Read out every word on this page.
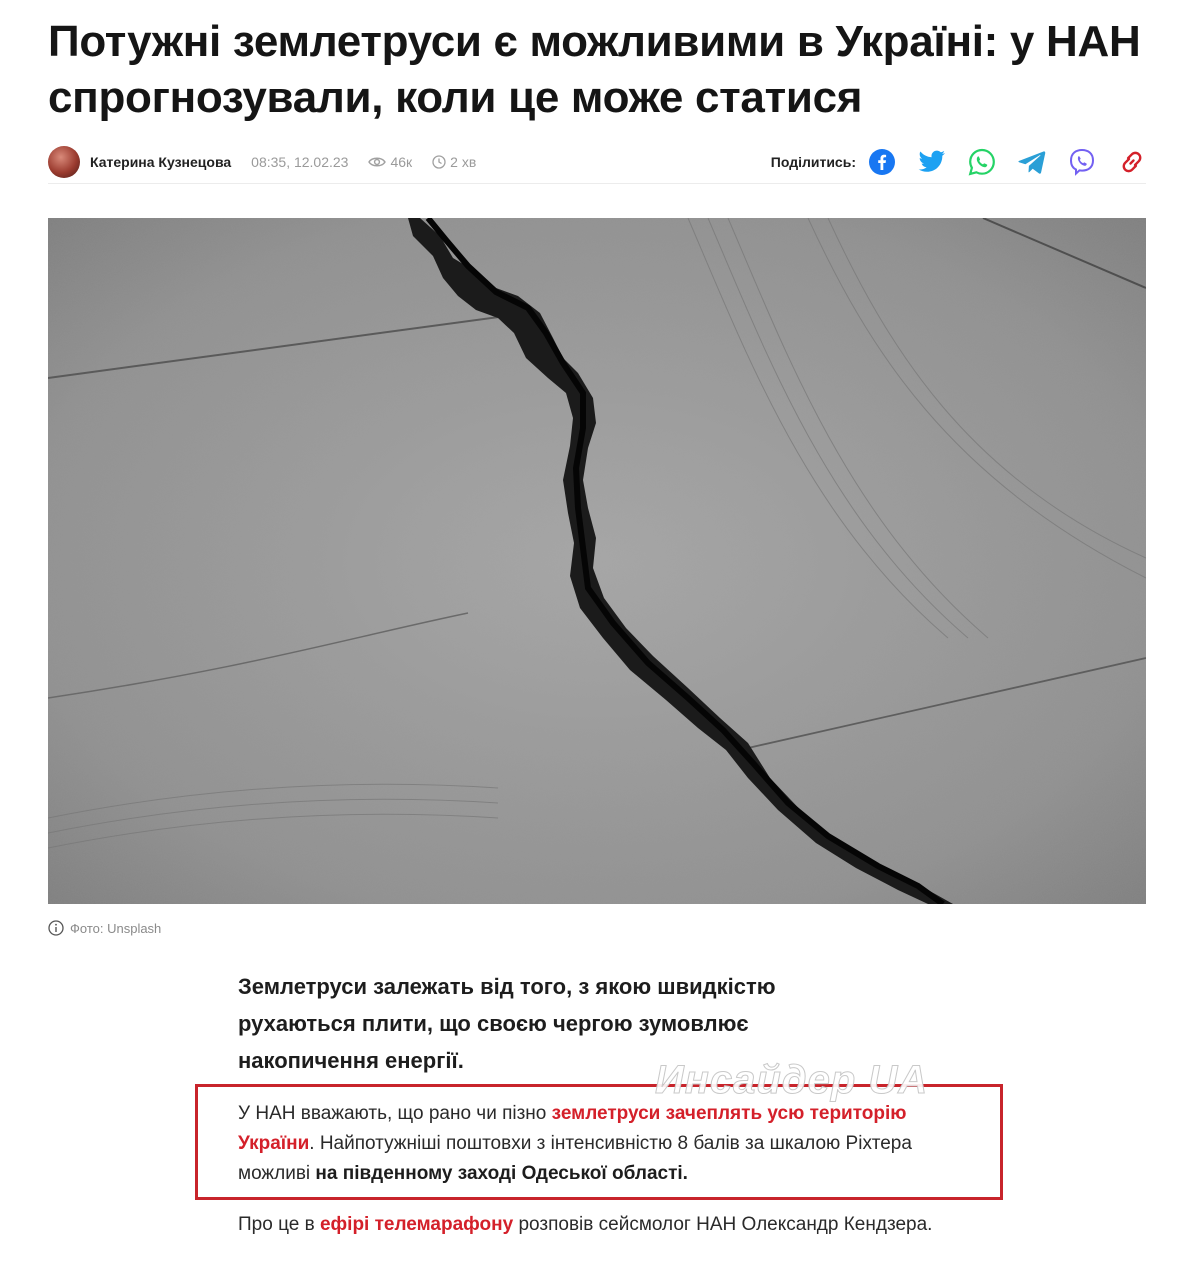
Потужні землетруси є можливими в Україні: у НАН спрогнозували, коли це може статися
Катерина Кузнецова 08:35, 12.02.23	46к	2 хв	Поділитись:
Фото: Unsplash

Землетруси залежать від того, з якою швидкістю рухаються плити, що своєю чергою зумовлює накопичення енергії.

У НАН вважають, що рано чи пізно землетруси зачеплять усю територію України. Найпотужніші поштовхи з інтенсивністю 8 балів за шкалою Ріхтера можливі на південному заході Одеської області.

Инсайдер UA

Про це в ефірі телемарафону розповів сейсмолог НАН Олександр Кендзера.
